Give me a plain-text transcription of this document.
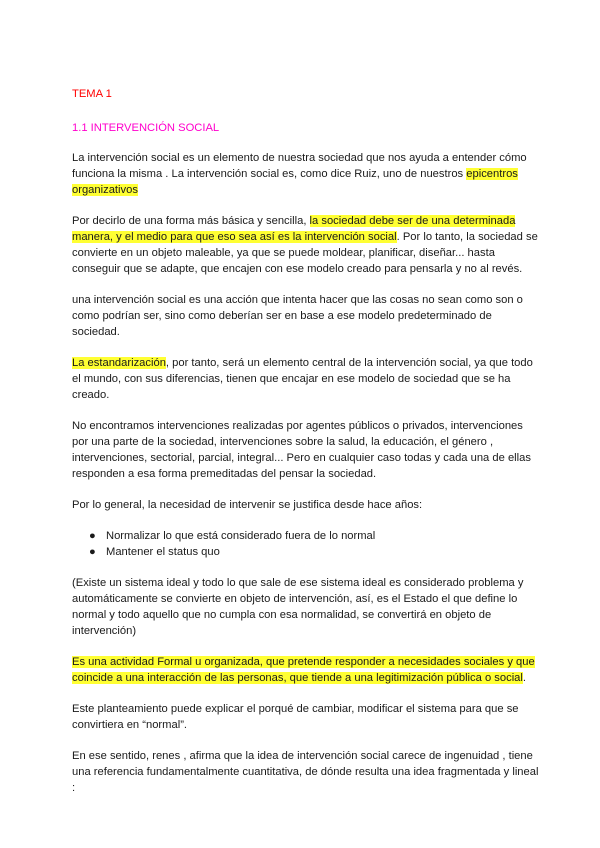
TEMA 1
1.1 INTERVENCIÓN SOCIAL

La intervención social es un elemento de nuestra sociedad que nos ayuda a entender cómo funciona la misma . La intervención social es, como dice Ruiz, uno de nuestros epicentros organizativos

Por decirlo de una forma más básica y sencilla, la sociedad debe ser de una determinada manera, y el medio para que eso sea así es la intervención social. Por lo tanto, la sociedad se convierte en un objeto maleable, ya que se puede moldear, planificar, diseñar... hasta conseguir que se adapte, que encajen con ese modelo creado para pensarla y no al revés.

una intervención social es una acción que intenta hacer que las cosas no sean como son o como podrían ser, sino como deberían ser en base a ese modelo predeterminado de sociedad.

La estandarización, por tanto, será un elemento central de la intervención social, ya que todo el mundo, con sus diferencias, tienen que encajar en ese modelo de sociedad que se ha creado.

No encontramos intervenciones realizadas por agentes públicos o privados, intervenciones por una parte de la sociedad, intervenciones sobre la salud, la educación, el género , intervenciones, sectorial, parcial, integral... Pero en cualquier caso todas y cada una de ellas responden a esa forma premeditadas del pensar la sociedad.

Por lo general, la necesidad de intervenir se justifica desde hace años:

● Normalizar lo que está considerado fuera de lo normal
● Mantener el status quo

(Existe un sistema ideal y todo lo que sale de ese sistema ideal es considerado problema y automáticamente se convierte en objeto de intervención, así, es el Estado el que define lo normal y todo aquello que no cumpla con esa normalidad, se convertirá en objeto de intervención)

Es una actividad Formal u organizada, que pretende responder a necesidades sociales y que coincide a una interacción de las personas, que tiende a una legitimización pública o social.

Este planteamiento puede explicar el porqué de cambiar, modificar el sistema para que se convirtiera en “normal”.

En ese sentido, renes , afirma que la idea de intervención social carece de ingenuidad , tiene una referencia fundamentalmente cuantitativa, de dónde resulta una idea fragmentada y lineal :
